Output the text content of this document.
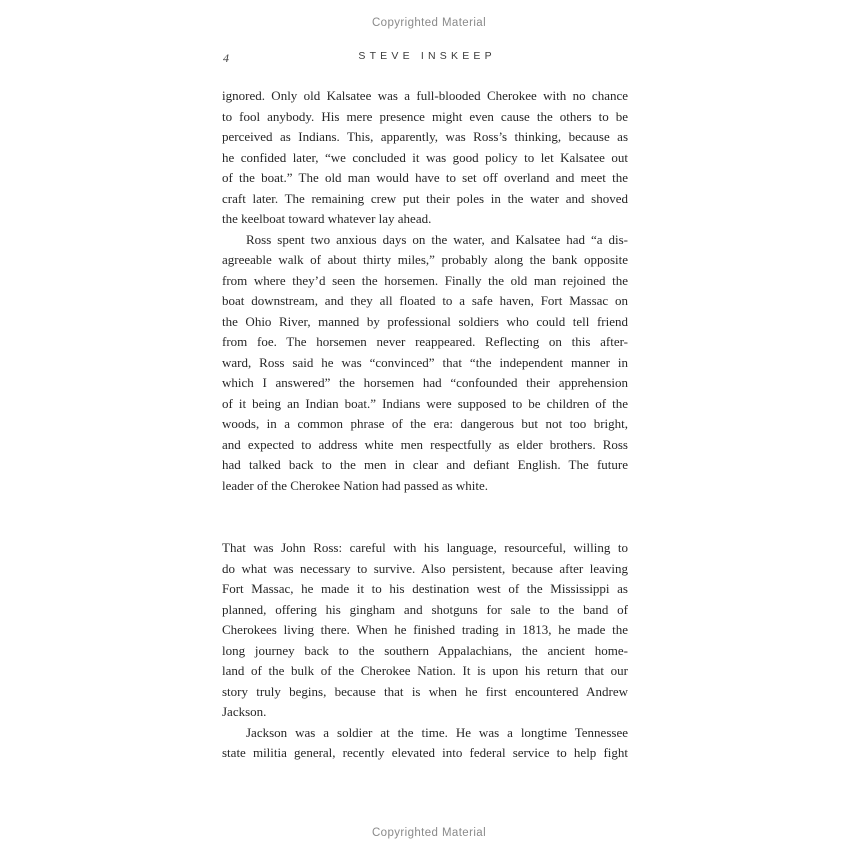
Copyrighted Material
4	STEVE INSKEEP
ignored. Only old Kalsatee was a full-blooded Cherokee with no chance
to fool anybody. His mere presence might even cause the others to be
perceived as Indians. This, apparently, was Ross’s thinking, because as
he confided later, “we concluded it was good policy to let Kalsatee out
of the boat.” The old man would have to set off overland and meet the
craft later. The remaining crew put their poles in the water and shoved
the keelboat toward whatever lay ahead.
Ross spent two anxious days on the water, and Kalsatee had “a dis-
agreeable walk of about thirty miles,” probably along the bank opposite
from where they’d seen the horsemen. Finally the old man rejoined the
boat downstream, and they all floated to a safe haven, Fort Massac on
the Ohio River, manned by professional soldiers who could tell friend
from foe. The horsemen never reappeared. Reflecting on this after-
ward, Ross said he was “convinced” that “the independent manner in
which I answered” the horsemen had “confounded their apprehension
of it being an Indian boat.” Indians were supposed to be children of the
woods, in a common phrase of the era: dangerous but not too bright,
and expected to address white men respectfully as elder brothers. Ross
had talked back to the men in clear and defiant English. The future
leader of the Cherokee Nation had passed as white.
That was John Ross: careful with his language, resourceful, willing to
do what was necessary to survive. Also persistent, because after leaving
Fort Massac, he made it to his destination west of the Mississippi as
planned, offering his gingham and shotguns for sale to the band of
Cherokees living there. When he finished trading in 1813, he made the
long journey back to the southern Appalachians, the ancient home-
land of the bulk of the Cherokee Nation. It is upon his return that our
story truly begins, because that is when he first encountered Andrew
Jackson.
Jackson was a soldier at the time. He was a longtime Tennessee
state militia general, recently elevated into federal service to help fight
Copyrighted Material
